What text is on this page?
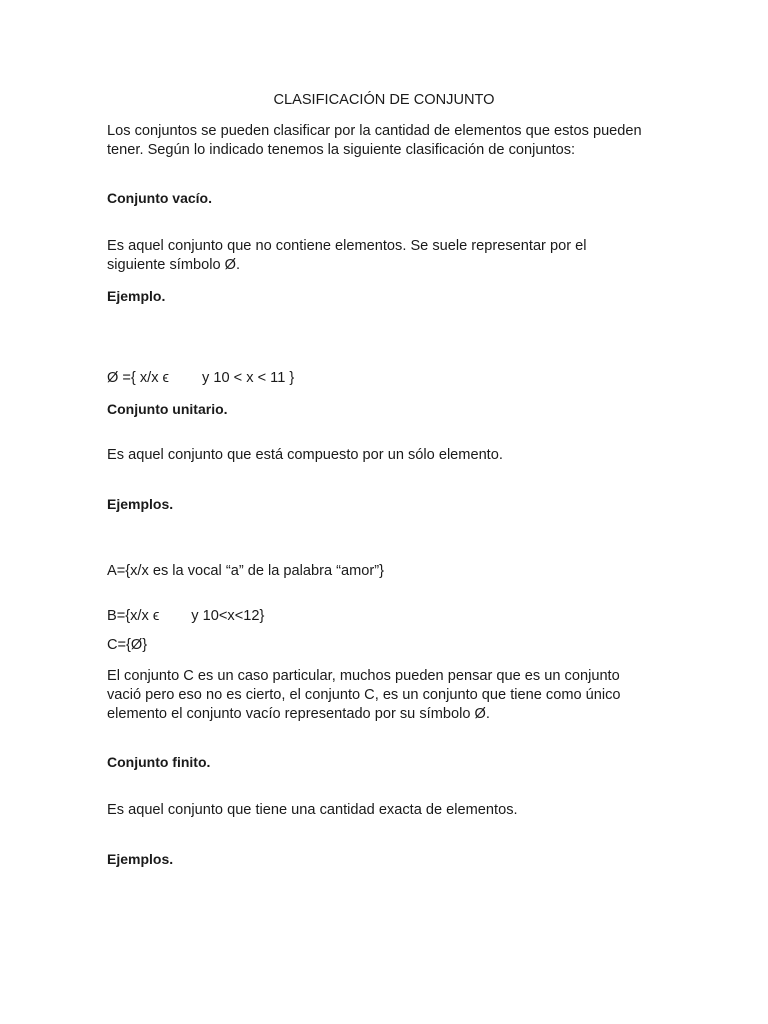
CLASIFICACIÓN DE CONJUNTO

Los conjuntos se pueden clasificar por la cantidad de elementos que estos pueden

tener. Según lo indicado tenemos la siguiente clasificación de conjuntos:

Conjunto vacío.

Es aquel conjunto que no contiene elementos. Se suele representar por el

siguiente símbolo Ø.

Ejemplo.

Ø ={ x/x ϵ y 10 < x < 11 }

Conjunto unitario.

Es aquel conjunto que está compuesto por un sólo elemento.

Ejemplos.

A={x/x es la vocal “a” de la palabra “amor”}

B={x/x ϵ y 10<x<12}

C={Ø}

El conjunto C es un caso particular, muchos pueden pensar que es un conjunto

vació pero eso no es cierto, el conjunto C, es un conjunto que tiene como único

elemento el conjunto vacío representado por su símbolo Ø.

Conjunto finito.

Es aquel conjunto que tiene una cantidad exacta de elementos.

Ejemplos.
